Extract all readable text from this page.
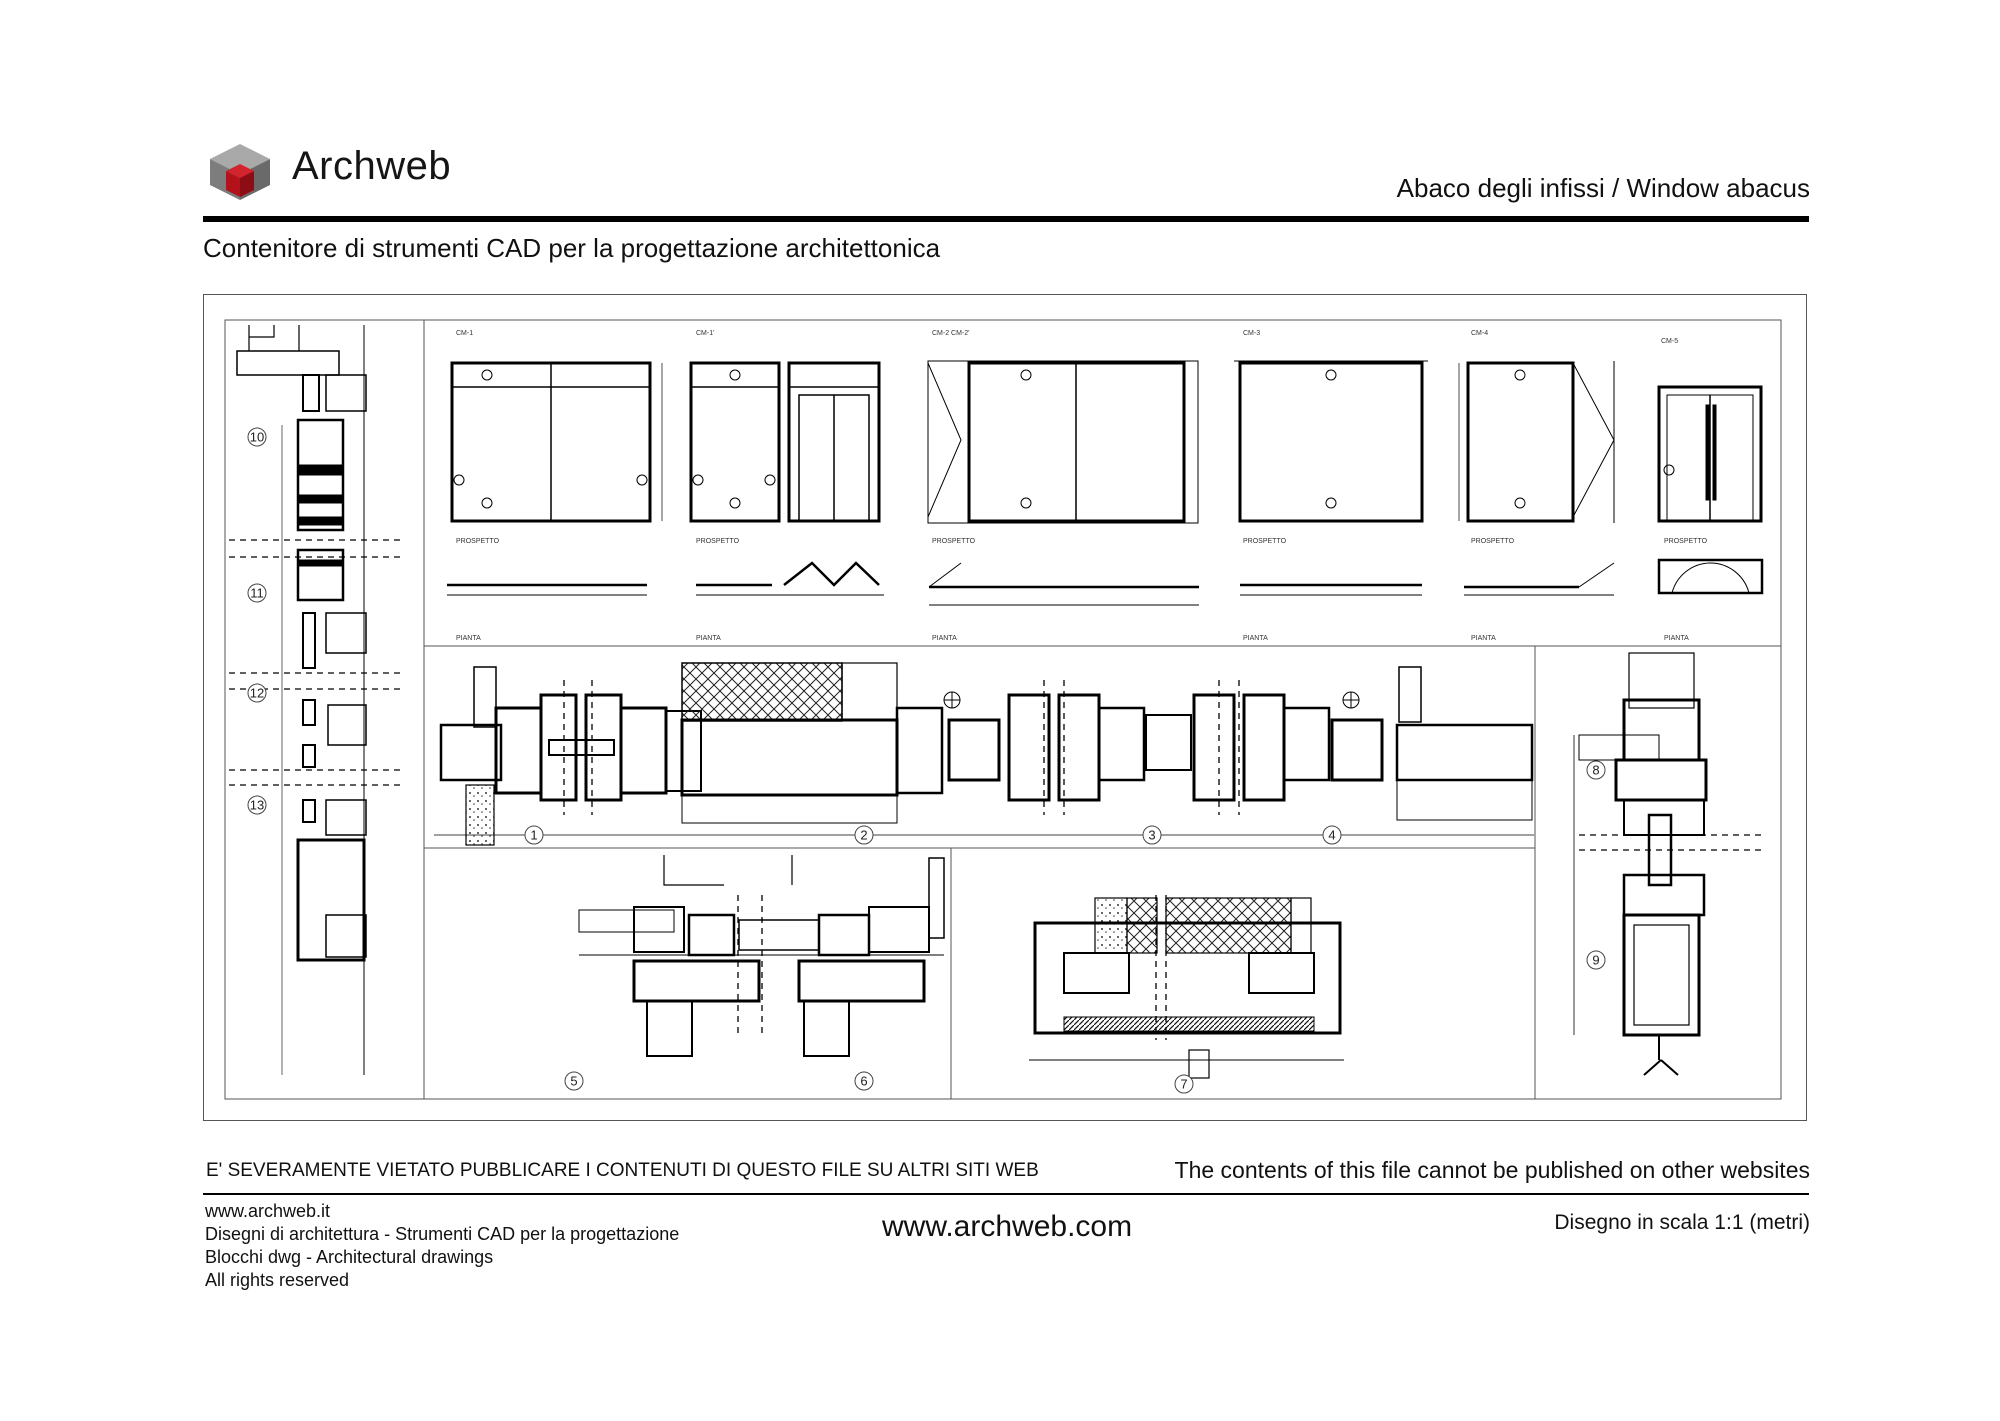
Archweb	Abaco degli infissi / Window abacus
Contenitore di strumenti CAD per la progettazione architettonica
CM-1	CM-1'	CM-2 CM-2'	CM-3	CM-4
CM-5
PROSPETTO	PROSPETTO	PROSPETTO	PROSPETTO	PROSPETTO	PROSPETTO
PIANTA	PIANTA	PIANTA	PIANTA	PIANTA	PIANTA
10
11
12
13
1	2	3	4
5	6	7
8
9
E' SEVERAMENTE VIETATO PUBBLICARE I CONTENUTI DI QUESTO FILE SU ALTRI SITI WEB	The contents of this file cannot be published on other websites
www.archweb.it
Disegni di architettura - Strumenti CAD per la progettazione
Blocchi dwg - Architectural drawings
All rights reserved
www.archweb.com	Disegno in scala 1:1 (metri)
